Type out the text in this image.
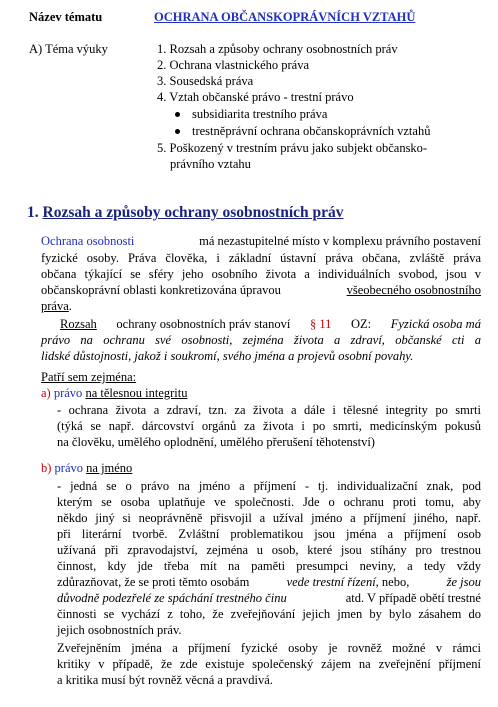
Název tématu	OCHRANA OBČANSKOPRÁVNÍCH VZTAHŮ
A) Téma výuky	1. Rozsah a způsoby ochrany osobnostních práv
2. Ochrana vlastnického práva
3. Sousedská práva
4. Vztah občanské právo - trestní právo
subsidiarita trestního práva
trestněprávní ochrana občanskoprávních vztahů
5. Poškozený v trestním právu jako subjekt občansko-
právního vztahu
1. Rozsah a způsoby ochrany osobnostních práv
Ochrana osobnosti	má nezastupitelné místo v komplexu právního postavení
fyzické osoby. Práva člověka, i základní ústavní práva občana, zvláště práva
občana týkající se sféry jeho osobního života a individuálních svobod, jsou v
občanskoprávní oblasti konkretizována úpravou	všeobecného osobnostního
práva.
Rozsah ochrany osobnostních práv stanoví § 11 OZ: Fyzická osoba má
právo na ochranu své osobnosti, zejména života a zdraví, občanské cti a
lidské důstojnosti, jakož i soukromí, svého jména a projevů osobní povahy.
Patří sem zejména:
a) právo na tělesnou integritu
- ochrana života a zdraví, tzn. za života a dále i tělesné integrity po smrti
(týká se např. dárcovství orgánů za života i po smrti, medicínským pokusů
na člověku, umělého oplodnění, umělého přerušení těhotenství)
b) právo na jméno
- jedná se o právo na jméno a příjmení - tj. individualizační znak, pod
kterým se osoba uplatňuje ve společnosti. Jde o ochranu proti tomu, aby
někdo jiný si neoprávněně přisvojil a užíval jméno a příjmení jiného, např.
při literární tvorbě. Zvláštní problematikou jsou jména a příjmení osob
užívaná při zpravodajství, zejména u osob, které jsou stíhány pro trestnou
činnost, kdy jde třeba mít na paměti presumpci neviny, a tedy vždy
zdůrazňovat, že se proti těmto osobám	vede trestní řízení, nebo,	že jsou
důvodně podezřelé ze spáchání trestného činu	atd. V případě obětí trestné
činnosti se vychází z toho, že zveřejňování jejich jmen by bylo zásahem do
jejich osobnostních práv.
Zveřejněním jména a příjmení fyzické osoby je rovněž možné v rámci
kritiky v případě, že zde existuje společenský zájem na zveřejnění příjmení
a kritika musí být rovněž věcná a pravdivá.
